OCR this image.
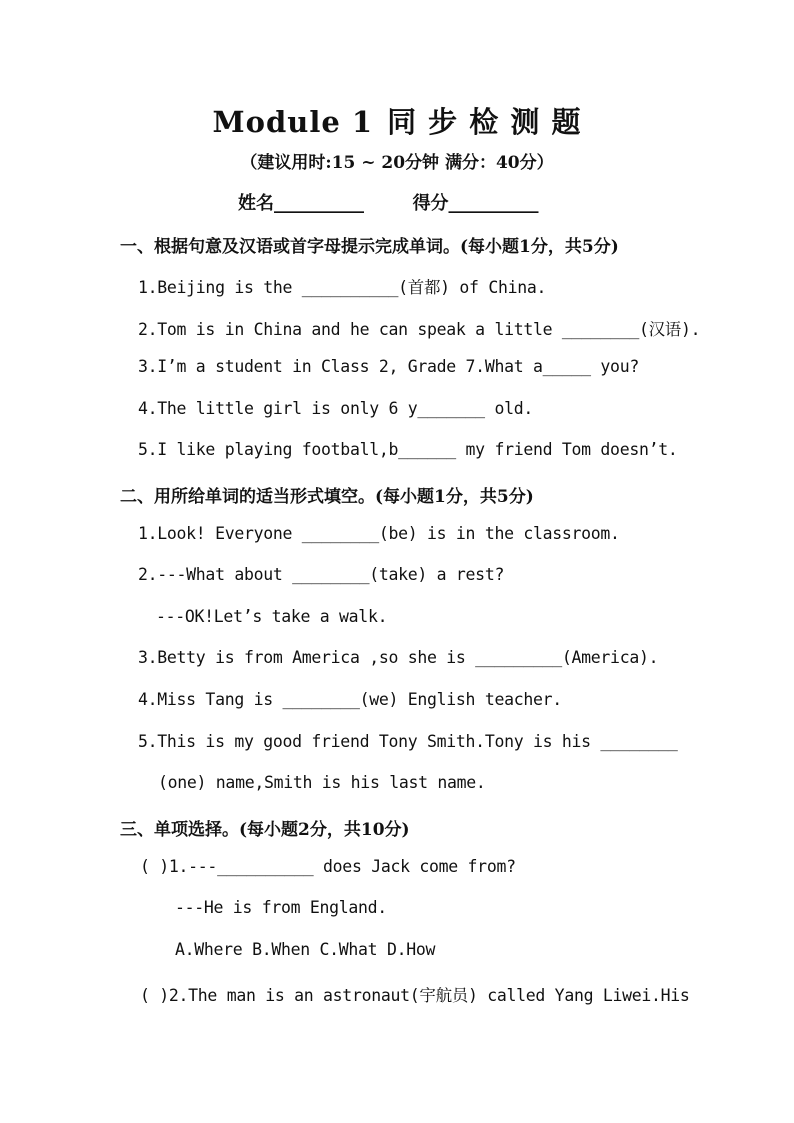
Module 1 同 步 检 测 题
（建议用时:15 ~ 20分钟 满分：40分）
姓名__________	得分__________
一、根据句意及汉语或首字母提示完成单词。(每小题1分，共5分)
1.Beijing is the __________(首都) of China.
2.Tom is in China and he can speak a little ________(汉语).
3.I’m a student in Class 2, Grade 7.What a_____ you?
4.The little girl is only 6 y_______ old.
5.I like playing football,b______ my friend Tom doesn’t.
二、用所给单词的适当形式填空。(每小题1分，共5分)
1.Look! Everyone ________(be) is in the classroom.
2.---What about ________(take) a rest?
---OK!Let’s take a walk.
3.Betty is from America ,so she is _________(America).
4.Miss Tang is ________(we) English teacher.
5.This is my good friend Tony Smith.Tony is his ________
(one) name,Smith is his last name.
三、单项选择。(每小题2分，共10分)
( )1.---__________ does Jack come from?
---He is from England.
A.Where B.When C.What D.How
( )2.The man is an astronaut(宇航员) called Yang Liwei.His
